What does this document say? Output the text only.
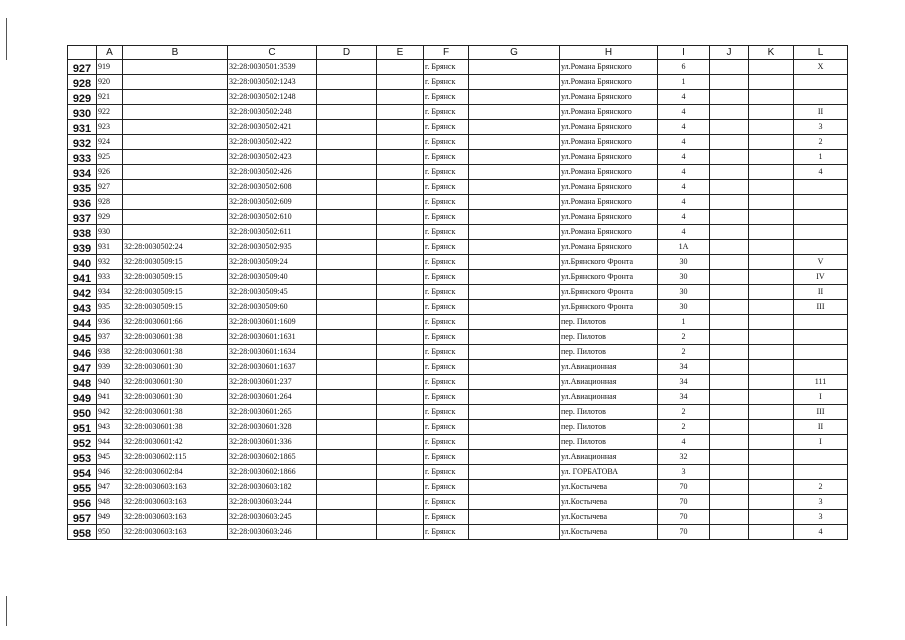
	A	B	C	D	E	F	G	H	I	J	K	L
927	919		32:28:0030501:3539			г. Брянск		ул.Романа Брянского	6			X
928	920		32:28:0030502:1243			г. Брянск		ул.Романа Брянского	1			
929	921		32:28:0030502:1248			г. Брянск		ул.Романа Брянского	4			
930	922		32:28:0030502:248			г. Брянск		ул.Романа Брянского	4			II
931	923		32:28:0030502:421			г. Брянск		ул.Романа Брянского	4			3
932	924		32:28:0030502:422			г. Брянск		ул.Романа Брянского	4			2
933	925		32:28:0030502:423			г. Брянск		ул.Романа Брянского	4			1
934	926		32:28:0030502:426			г. Брянск		ул.Романа Брянского	4			4
935	927		32:28:0030502:608			г. Брянск		ул.Романа Брянского	4			
936	928		32:28:0030502:609			г. Брянск		ул.Романа Брянского	4			
937	929		32:28:0030502:610			г. Брянск		ул.Романа Брянского	4			
938	930		32:28:0030502:611			г. Брянск		ул.Романа Брянского	4			
939	931	32:28:0030502:24	32:28:0030502:935			г. Брянск		ул.Романа Брянского	1А			
940	932	32:28:0030509:15	32:28:0030509:24			г. Брянск		ул.Брянского Фронта	30			V
941	933	32:28:0030509:15	32:28:0030509:40			г. Брянск		ул.Брянского Фронта	30			IV
942	934	32:28:0030509:15	32:28:0030509:45			г. Брянск		ул.Брянского Фронта	30			II
943	935	32:28:0030509:15	32:28:0030509:60			г. Брянск		ул.Брянского Фронта	30			III
944	936	32:28:0030601:66	32:28:0030601:1609			г. Брянск		пер. Пилотов	1			
945	937	32:28:0030601:38	32:28:0030601:1631			г. Брянск		пер. Пилотов	2			
946	938	32:28:0030601:38	32:28:0030601:1634			г. Брянск		пер. Пилотов	2			
947	939	32:28:0030601:30	32:28:0030601:1637			г. Брянск		ул.Авиационная	34			
948	940	32:28:0030601:30	32:28:0030601:237			г. Брянск		ул.Авиационная	34			111
949	941	32:28:0030601:30	32:28:0030601:264			г. Брянск		ул.Авиационная	34			I
950	942	32:28:0030601:38	32:28:0030601:265			г. Брянск		пер. Пилотов	2			III
951	943	32:28:0030601:38	32:28:0030601:328			г. Брянск		пер. Пилотов	2			II
952	944	32:28:0030601:42	32:28:0030601:336			г. Брянск		пер. Пилотов	4			I
953	945	32:28:0030602:115	32:28:0030602:1865			г. Брянск		ул.Авиационная	32			
954	946	32:28:0030602:84	32:28:0030602:1866			г. Брянск		ул. ГОРБАТОВА	3			
955	947	32:28:0030603:163	32:28:0030603:182			г. Брянск		ул.Костычева	70			2
956	948	32:28:0030603:163	32:28:0030603:244			г. Брянск		ул.Костычева	70			3
957	949	32:28:0030603:163	32:28:0030603:245			г. Брянск		ул.Костычева	70			3
958	950	32:28:0030603:163	32:28:0030603:246			г. Брянск		ул.Костычева	70			4
